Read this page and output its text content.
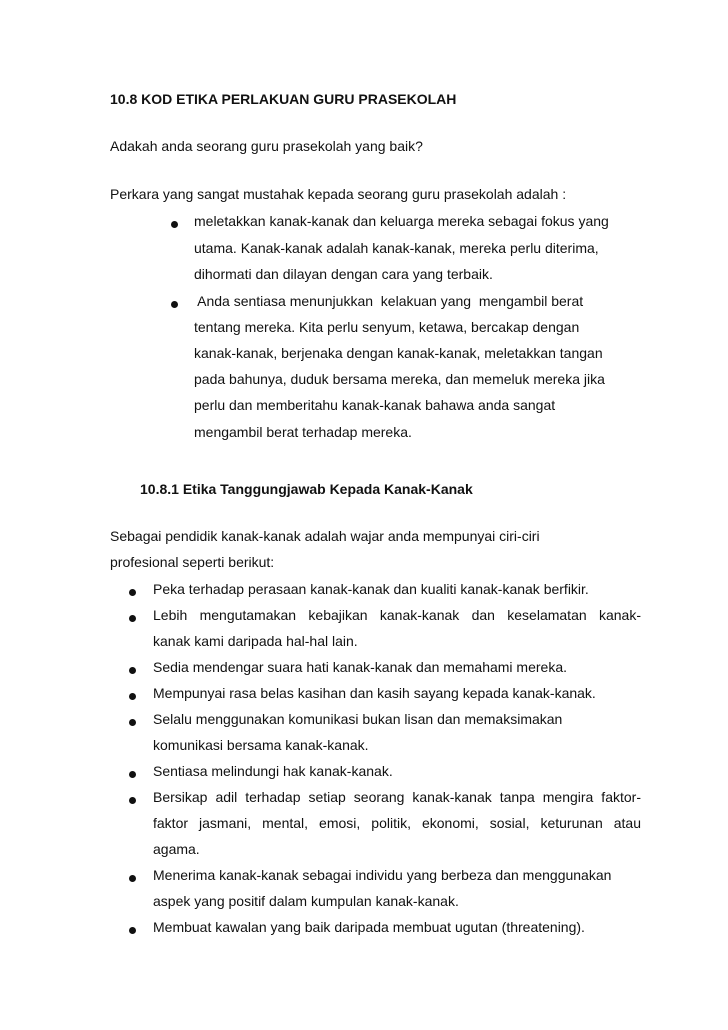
10.8 KOD ETIKA PERLAKUAN GURU PRASEKOLAH
Adakah anda seorang guru prasekolah yang baik?
Perkara yang sangat mustahak kepada seorang guru prasekolah adalah :
meletakkan kanak-kanak dan keluarga mereka sebagai fokus yang
utama. Kanak-kanak adalah kanak-kanak, mereka perlu diterima,
dihormati dan dilayan dengan cara yang terbaik.
Anda sentiasa menunjukkan  kelakuan yang  mengambil berat
tentang mereka. Kita perlu senyum, ketawa, bercakap dengan
kanak-kanak, berjenaka dengan kanak-kanak, meletakkan tangan
pada bahunya, duduk bersama mereka, dan memeluk mereka jika
perlu dan memberitahu kanak-kanak bahawa anda sangat
mengambil berat terhadap mereka.
10.8.1 Etika Tanggungjawab Kepada Kanak-Kanak
Sebagai pendidik kanak-kanak adalah wajar anda mempunyai ciri-ciri
profesional seperti berikut:
Peka terhadap perasaan kanak-kanak dan kualiti kanak-kanak berfikir.
Lebih mengutamakan kebajikan kanak-kanak dan keselamatan kanak-
kanak kami daripada hal-hal lain.
Sedia mendengar suara hati kanak-kanak dan memahami mereka.
Mempunyai rasa belas kasihan dan kasih sayang kepada kanak-kanak.
Selalu menggunakan komunikasi bukan lisan dan memaksimakan
komunikasi bersama kanak-kanak.
Sentiasa melindungi hak kanak-kanak.
Bersikap adil terhadap setiap seorang kanak-kanak tanpa mengira faktor-
faktor jasmani, mental, emosi, politik, ekonomi, sosial, keturunan atau
agama.
Menerima kanak-kanak sebagai individu yang berbeza dan menggunakan
aspek yang positif dalam kumpulan kanak-kanak.
Membuat kawalan yang baik daripada membuat ugutan (threatening).
